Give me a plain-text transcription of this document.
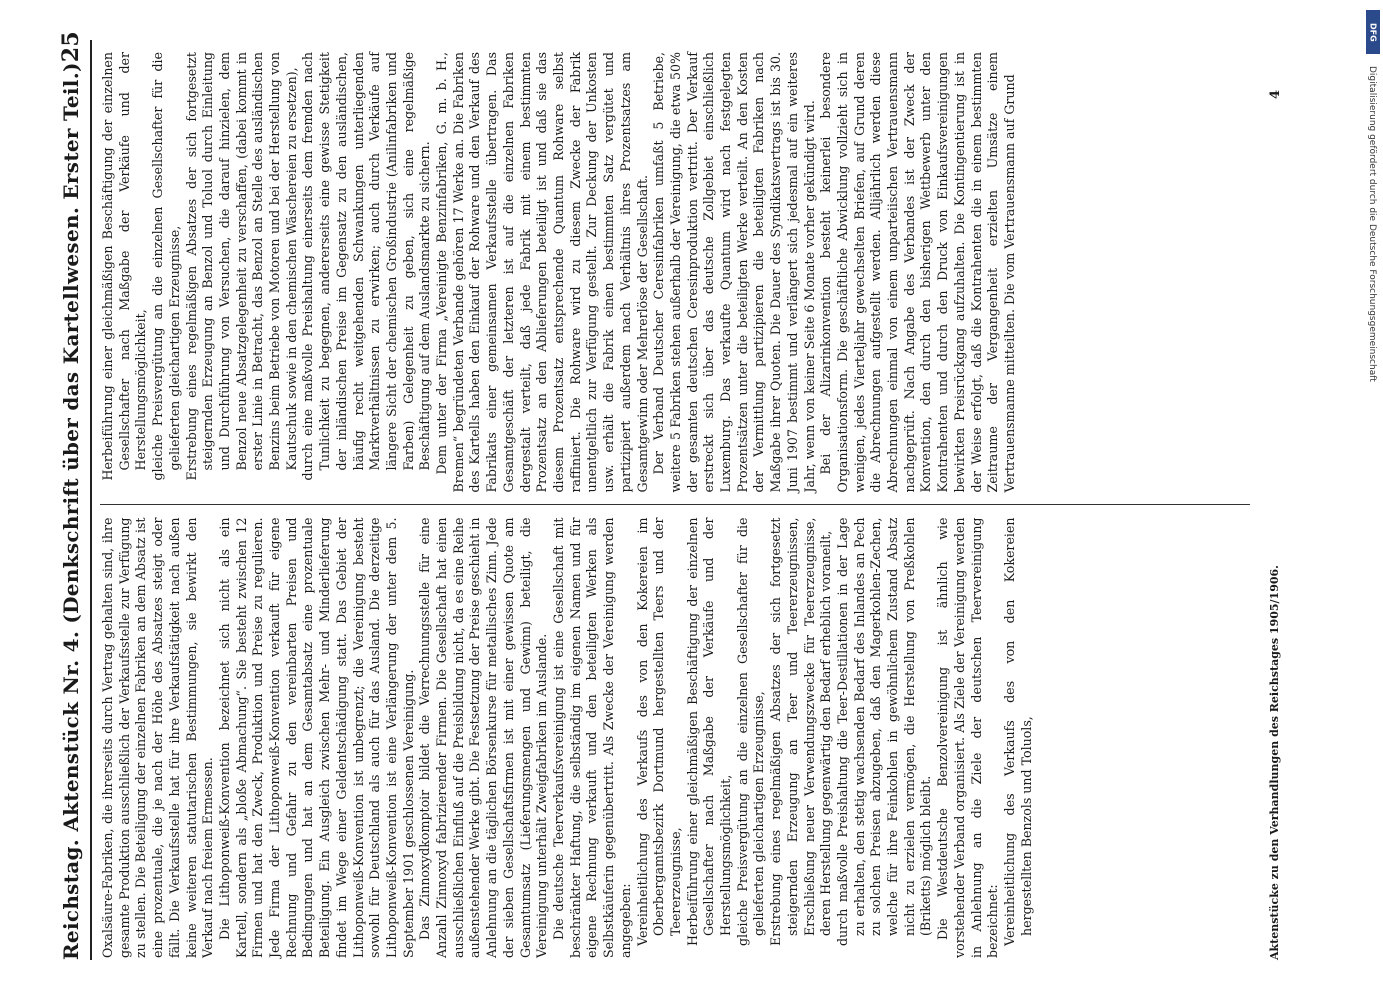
Reichstag. Aktenstück Nr. 4. (Denkschrift über das Kartellwesen. Erster Teil.)
25

Oxalsäure-Fabriken, die ihrerseits durch Vertrag gehalten sind, ihre gesamte Produktion ausschließlich der Verkaufsstelle zur Verfügung zu stellen. Die Beteiligung der einzelnen Fabriken an dem Absatz ist eine prozentuale, die je nach der Höhe des Absatzes steigt oder fällt. Die Verkaufsstelle hat für ihre Verkaufstätigkeit nach außen keine weiteren statutarischen Bestimmungen, sie bewirkt den Verkauf nach freiem Ermessen. Die Lithoponweiß-Konvention bezeichnet sich nicht als ein Kartell, sondern als „bloße Abmachung“. Sie besteht zwischen 12 Firmen und hat den Zweck, Produktion und Preise zu regulieren. Jede Firma der Lithoponweiß-Konvention verkauft für eigene Rechnung und Gefahr zu den vereinbarten Preisen und Bedingungen und hat an dem Gesamtabsatz eine prozentuale Beteiligung. Ein Ausgleich zwischen Mehr- und Minderlieferung findet im Wege einer Geldentschädigung statt. Das Gebiet der Lithoponweiß-Konvention ist unbegrenzt; die Vereinigung besteht sowohl für Deutschland als auch für das Ausland. Die derzeitige Lithoponweiß-Konvention ist eine Verlängerung der unter dem 5. September 1901 geschlossenen Vereinigung. Das Zinnoxydkomptoir bildet die Verrechnungsstelle für eine Anzahl Zinnoxyd fabrizierender Firmen. Die Gesellschaft hat einen ausschließlichen Einfluß auf die Preisbildung nicht, da es eine Reihe außenstehender Werke gibt. Die Festsetzung der Preise geschieht in Anlehnung an die täglichen Börsenkurse für metallisches Zinn. Jede der sieben Gesellschaftsfirmen ist mit einer gewissen Quote am Gesamtumsatz (Lieferungsmengen und Gewinn) beteiligt, die Vereinigung unterhält Zweigfabriken im Auslande. Die deutsche Teerverkaufsvereinigung ist eine Gesellschaft mit beschränkter Haftung, die selbständig im eigenen Namen und für eigene Rechnung verkauft und den beteiligten Werken als Selbstkäuferin gegenübertritt. Als Zwecke der Vereinigung werden angegeben: Vereinheitlichung des Verkaufs des von den Kokereien im Oberbergamtsbezirk Dortmund hergestellten Teers und der Teererzeugnisse, Herbeiführung einer gleichmäßigen Beschäftigung der einzelnen Gesellschafter nach Maßgabe der Verkäufe und der Herstellungsmöglichkeit, gleiche Preisvergütung an die einzelnen Gesellschafter für die gelieferten gleichartigen Erzeugnisse, Erstrebung eines regelmäßigen Absatzes der sich fortgesetzt steigernden Erzeugung an Teer und Teererzeugnissen, Erschließung neuer Verwendungszwecke für Teererzeugnisse, deren Herstellung gegenwärtig den Bedarf erheblich voraneilt, durch maßvolle Preishaltung die Teer-Destillationen in der Lage zu erhalten, den stetig wachsenden Bedarf des Inlandes an Pech zu solchen Preisen abzugeben, daß den Magerkohlen-Zechen, welche für ihre Feinkohlen in gewöhnlichem Zustand Absatz nicht zu erzielen vermögen, die Herstellung von Preßkohlen (Briketts) möglich bleibt. Die Westdeutsche Benzolvereinigung ist ähnlich wie vorstehender Verband organisiert. Als Ziele der Vereinigung werden in Anlehnung an die Ziele der deutschen Teervereinigung bezeichnet: Vereinheitlichung des Verkaufs des von den Kokereien hergestellten Benzols und Toluols,

Herbeiführung einer gleichmäßigen Beschäftigung der einzelnen Gesellschafter nach Maßgabe der Verkäufe und der Herstellungsmöglichkeit, gleiche Preisvergütung an die einzelnen Gesellschafter für die gelieferten gleichartigen Erzeugnisse, Erstrebung eines regelmäßigen Absatzes der sich fortgesetzt steigernden Erzeugung an Benzol und Toluol durch Einleitung und Durchführung von Versuchen, die darauf hinzielen, dem Benzol neue Absatzgelegenheit zu verschaffen, (dabei kommt in erster Linie in Betracht, das Benzol an Stelle des ausländischen Benzins beim Betriebe von Motoren und bei der Herstellung von Kautschuk sowie in den chemischen Wäschereien zu ersetzen), durch eine maßvolle Preishaltung einerseits dem fremden nach Tunlichkeit zu begegnen, andererseits eine gewisse Stetigkeit der inländischen Preise im Gegensatz zu den ausländischen, häufig recht weitgehenden Schwankungen unterliegenden Marktverhältnissen zu erwirken; auch durch Verkäufe auf längere Sicht der chemischen Großindustrie (Anilinfabriken und Farben) Gelegenheit zu geben, sich eine regelmäßige Beschäftigung auf dem Auslandsmarkte zu sichern. Dem unter der Firma „Vereinigte Benzinfabriken, G. m. b. H., Bremen“ begründeten Verbande gehören 17 Werke an. Die Fabriken des Kartells haben den Einkauf der Rohware und den Verkauf des Fabrikats einer gemeinsamen Verkaufsstelle übertragen. Das Gesamtgeschäft der letzteren ist auf die einzelnen Fabriken dergestalt verteilt, daß jede Fabrik mit einem bestimmten Prozentsatz an den Ablieferungen beteiligt ist und daß sie das diesem Prozentsatz entsprechende Quantum Rohware selbst raffiniert. Die Rohware wird zu diesem Zwecke der Fabrik unentgeltlich zur Verfügung gestellt. Zur Deckung der Unkosten usw. erhält die Fabrik einen bestimmten Satz vergütet und partizipiert außerdem nach Verhältnis ihres Prozentsatzes am Gesamtgewinn oder Mehrerlöse der Gesellschaft. Der Verband Deutscher Ceresinfabriken umfaßt 5 Betriebe, weitere 5 Fabriken stehen außerhalb der Vereinigung, die etwa 50% der gesamten deutschen Ceresinproduktion vertritt. Der Verkauf erstreckt sich über das deutsche Zollgebiet einschließlich Luxemburg. Das verkaufte Quantum wird nach festgelegten Prozentsätzen unter die beteiligten Werke verteilt. An den Kosten der Vermittlung partizipieren die beteiligten Fabriken nach Maßgabe ihrer Quoten. Die Dauer des Syndikatsvertrags ist bis 30. Juni 1907 bestimmt und verlängert sich jedesmal auf ein weiteres Jahr, wenn von keiner Seite 6 Monate vorher gekündigt wird. Bei der Alizarinkonvention besteht keinerlei besondere Organisationsform. Die geschäftliche Abwicklung vollzieht sich in wenigen, jedes Vierteljahr gewechselten Briefen, auf Grund deren die Abrechnungen aufgestellt werden. Alljährlich werden diese Abrechnungen einmal von einem unparteiischen Vertrauensmann nachgeprüft. Nach Angabe des Verbandes ist der Zweck der Konvention, den durch den bisherigen Wettbewerb unter den Kontrahenten und durch den Druck von Einkaufsvereinigungen bewirkten Preisrückgang aufzuhalten. Die Kontingentierung ist in der Weise erfolgt, daß die Kontrahenten die in einem bestimmten Zeitraume der Vergangenheit erzielten Umsätze einem Vertrauensmanne mitteilten. Die vom Vertrauensmann auf Grund

Aktenstücke zu den Verhandlungen des Reichstages 1905/1906.
4
DFG
Digitalisierung gefördert durch die Deutsche Forschungsgemeinschaft
